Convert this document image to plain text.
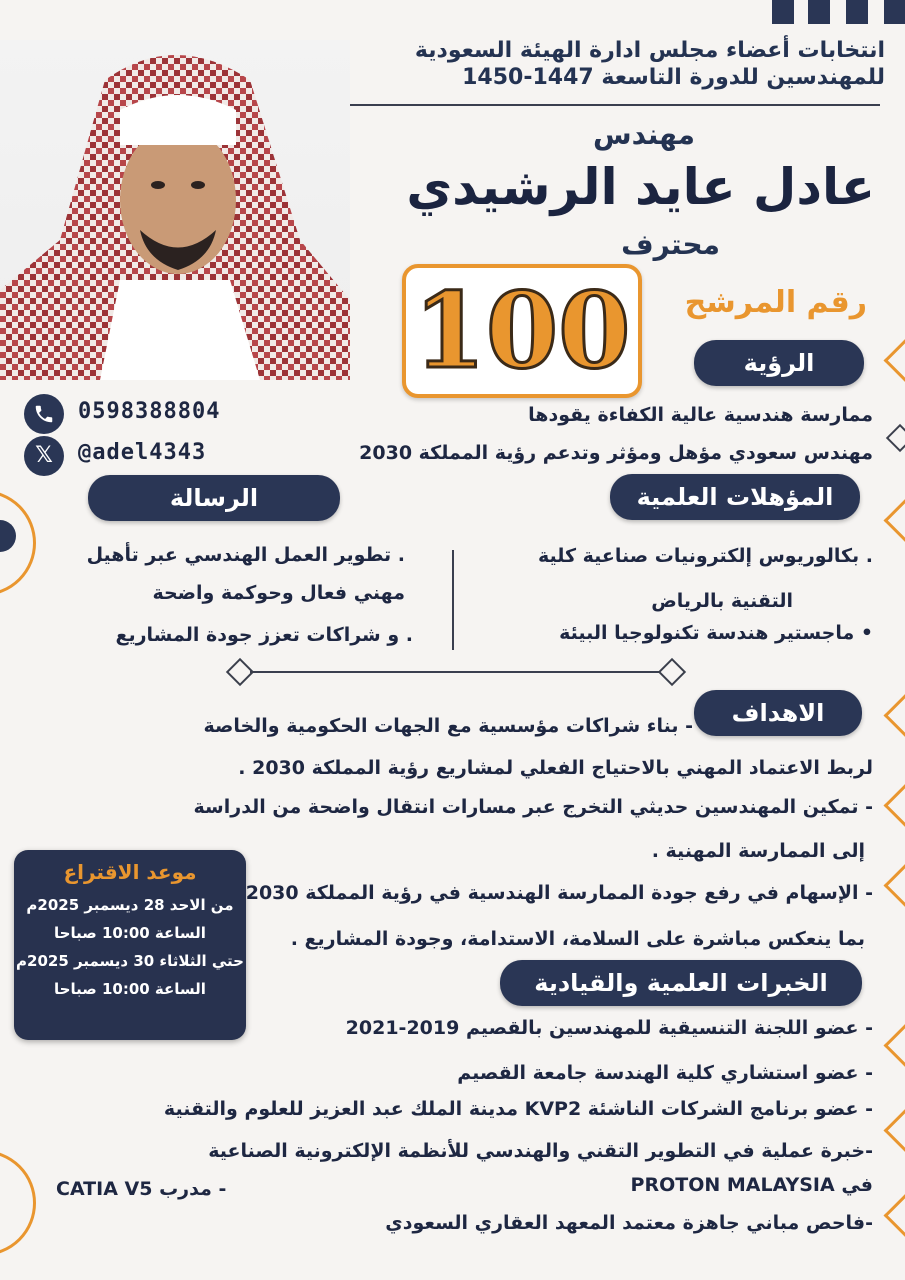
انتخابات أعضاء مجلس ادارة الهيئة السعودية
للمهندسين للدورة التاسعة 1447-1450
مهندس
عادل عايد الرشيدي
محترف
100 رقم المرشح
الرؤية
ممارسة هندسية عالية الكفاءة يقودها
مهندس سعودي مؤهل ومؤثر وتدعم رؤية المملكة 2030
0598388804
𝕏	@adel4343
الرسالة
. تطوير العمل الهندسي عبر تأهيل
مهني فعال وحوكمة واضحة
. و شراكات تعزز جودة المشاريع
المؤهلات العلمية
. بكالوريوس إلكترونيات صناعية كلية
التقنية بالرياض
• ماجستير هندسة تكنولوجيا البيئة
الاهداف
- بناء شراكات مؤسسية مع الجهات الحكومية والخاصة
لربط الاعتماد المهني بالاحتياج الفعلي لمشاريع رؤية المملكة 2030 .
- تمكين المهندسين حديثي التخرج عبر مسارات انتقال واضحة من الدراسة
إلى الممارسة المهنية .
- الإسهام في رفع جودة الممارسة الهندسية في رؤية المملكة 2030
بما ينعكس مباشرة على السلامة، الاستدامة، وجودة المشاريع .
موعد الاقتراع
من الاحد 28 ديسمبر 2025م
الساعة 10:00 صباحا
حتي الثلاثاء 30 ديسمبر 2025م
الساعة 10:00 صباحا	الخبرات العلمية والقيادية
- عضو اللجنة التنسيقية للمهندسين بالقصيم 2019-2021
- عضو استشاري كلية الهندسة جامعة القصيم
- عضو برنامج الشركات الناشئة KVP2 مدينة الملك عبد العزيز للعلوم والتقنية
-خبرة عملية في التطوير التقني والهندسي للأنظمة الإلكترونية الصناعية
في PROTON MALAYSIA
-فاحص مباني جاهزة معتمد المعهد العقاري السعودي
- مدرب CATIA V5
